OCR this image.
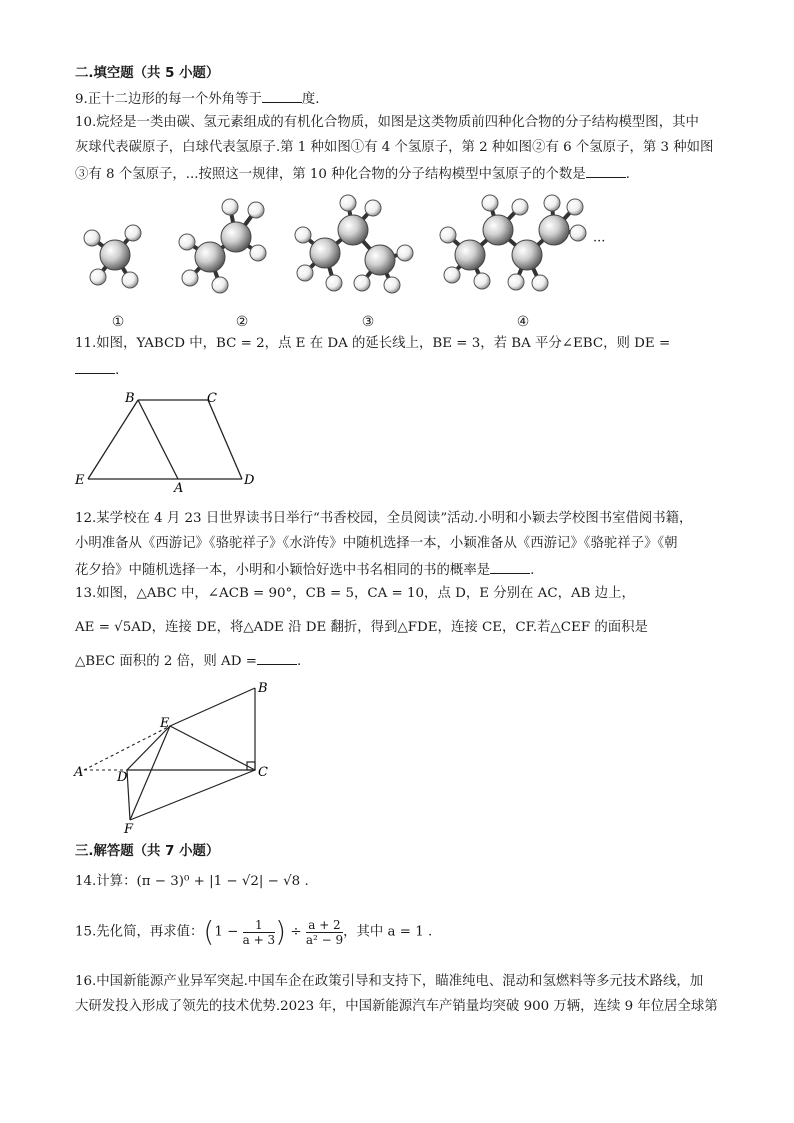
二.填空题（共 5 小题）
9.正十二边形的每一个外角等于	度.
10.烷烃是一类由碳、氢元素组成的有机化合物质，如图是这类物质前四种化合物的分子结构模型图，其中
灰球代表碳原子，白球代表氢原子.第 1 种如图①有 4 个氢原子，第 2 种如图②有 6 个氢原子，第 3 种如图
③有 8 个氢原子，...按照这一规律，第 10 种化合物的分子结构模型中氢原子的个数是	.
···
①	②	③	④
11.如图，YABCD 中，BC = 2，点 E 在 DA 的延长线上，BE = 3，若 BA 平分∠EBC，则 DE =
.
B	C
E
A
D
12.某学校在 4 月 23 日世界读书日举行“书香校园，全员阅读”活动.小明和小颖去学校图书室借阅书籍，
小明准备从《西游记》《骆驼祥子》《水浒传》中随机选择一本，小颖准备从《西游记》《骆驼祥子》《朝
花夕拾》中随机选择一本，小明和小颖恰好选中书名相同的书的概率是	.
13.如图，△ABC 中，∠ACB = 90°，CB = 5，CA = 10，点 D，E 分别在 AC，AB 边上，
AE = √5AD，连接 DE，将△ADE 沿 DE 翻折，得到△FDE，连接 CE，CF.若△CEF 的面积是
△BEC 面积的 2 倍，则 AD =	.
A
B
C
D
E
F
三.解答题（共 7 小题）
14.计算：(π − 3)⁰ + |1 − √2| − √8 .
15.先化简，再求值：($1 - \frac{1}{a + 3}$ ) ÷ $\frac{a + 2}{\text{a² − 9}}$ ，其中 a = 1 .
16.中国新能源产业异军突起.中国车企在政策引导和支持下，瞄准纯电、混动和氢燃料等多元技术路线，加
大研发投入形成了领先的技术优势.2023 年，中国新能源汽车产销量均突破 900 万辆，连续 9 年位居全球第
